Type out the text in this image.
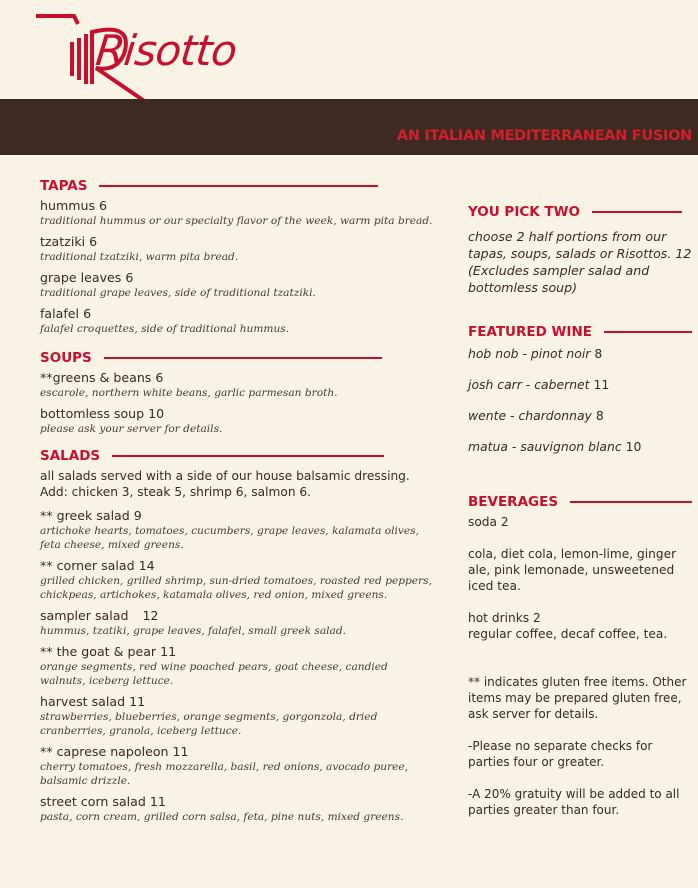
Risotto
AN ITALIAN MEDITERRANEAN FUSION
TAPAS
hummus 6
traditional hummus or our specialty flavor of the week, warm pita bread.
tzatziki 6
traditional tzatziki, warm pita bread.
grape leaves 6
traditional grape leaves, side of traditional tzatziki.
falafel 6
falafel croquettes, side of traditional hummus.
SOUPS
**greens & beans 6
escarole, northern white beans, garlic parmesan broth.
bottomless soup 10
please ask your server for details.
SALADS
all salads served with a side of our house balsamic dressing.
Add: chicken 3, steak 5, shrimp 6, salmon 6.
** greek salad 9
artichoke hearts, tomatoes, cucumbers, grape leaves, kalamata olives, feta cheese, mixed greens.
** corner salad 14
grilled chicken, grilled shrimp, sun-dried tomatoes, roasted red peppers, chickpeas, artichokes, katamala olives, red onion, mixed greens.
sampler salad 12
hummus, tzatiki, grape leaves, falafel, small greek salad.
** the goat & pear 11
orange segments, red wine poached pears, goat cheese, candied walnuts, iceberg lettuce.
harvest salad 11
strawberries, blueberries, orange segments, gorgonzola, dried cranberries, granola, iceberg lettuce.
** caprese napoleon 11
cherry tomatoes, fresh mozzarella, basil, red onions, avocado puree, balsamic drizzle.
street corn salad 11
pasta, corn cream, grilled corn salsa, feta, pine nuts, mixed greens.
YOU PICK TWO
choose 2 half portions from our tapas, soups, salads or Risottos. 12 (Excludes sampler salad and bottomless soup)
FEATURED WINE
hob nob - pinot noir 8
josh carr - cabernet 11
wente - chardonnay 8
matua - sauvignon blanc 10
BEVERAGES
soda 2
cola, diet cola, lemon-lime, ginger ale, pink lemonade, unsweetened iced tea.
hot drinks 2
regular coffee, decaf coffee, tea.
** indicates gluten free items. Other items may be prepared gluten free, ask server for details.
-Please no separate checks for parties four or greater.
-A 20% gratuity will be added to all parties greater than four.
